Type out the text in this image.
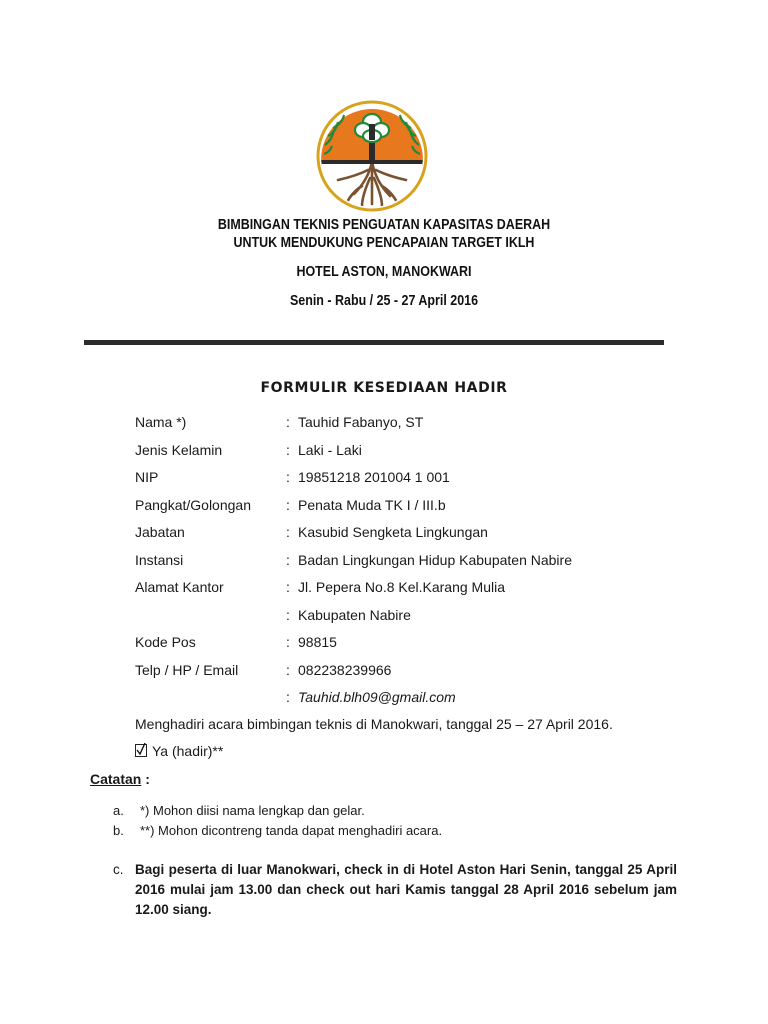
BIMBINGAN TEKNIS PENGUATAN KAPASITAS DAERAH
UNTUK MENDUKUNG PENCAPAIAN TARGET IKLH
HOTEL ASTON, MANOKWARI
Senin - Rabu / 25 - 27 April 2016
FORMULIR KESEDIAAN HADIR
Nama *)	: Tauhid Fabanyo, ST
Jenis Kelamin	: Laki - Laki
NIP	: 19851218 201004 1 001
Pangkat/Golongan	: Penata Muda TK I / III.b
Jabatan	: Kasubid Sengketa Lingkungan
Instansi	: Badan Lingkungan Hidup Kabupaten Nabire
Alamat Kantor	: Jl. Pepera No.8 Kel.Karang Mulia
: Kabupaten Nabire
Kode Pos	: 98815
Telp / HP / Email	: 082238239966
: Tauhid.blh09@gmail.com
Menghadiri acara bimbingan teknis di Manokwari, tanggal 25 – 27 April 2016.
Ya (hadir)**
Catatan :
a. *) Mohon diisi nama lengkap dan gelar.
b. **) Mohon dicontreng tanda dapat menghadiri acara.
c. Bagi peserta di luar Manokwari, check in di Hotel Aston Hari Senin, tanggal 25 April 2016 mulai jam 13.00 dan check out hari Kamis tanggal 28 April 2016 sebelum jam 12.00 siang.
